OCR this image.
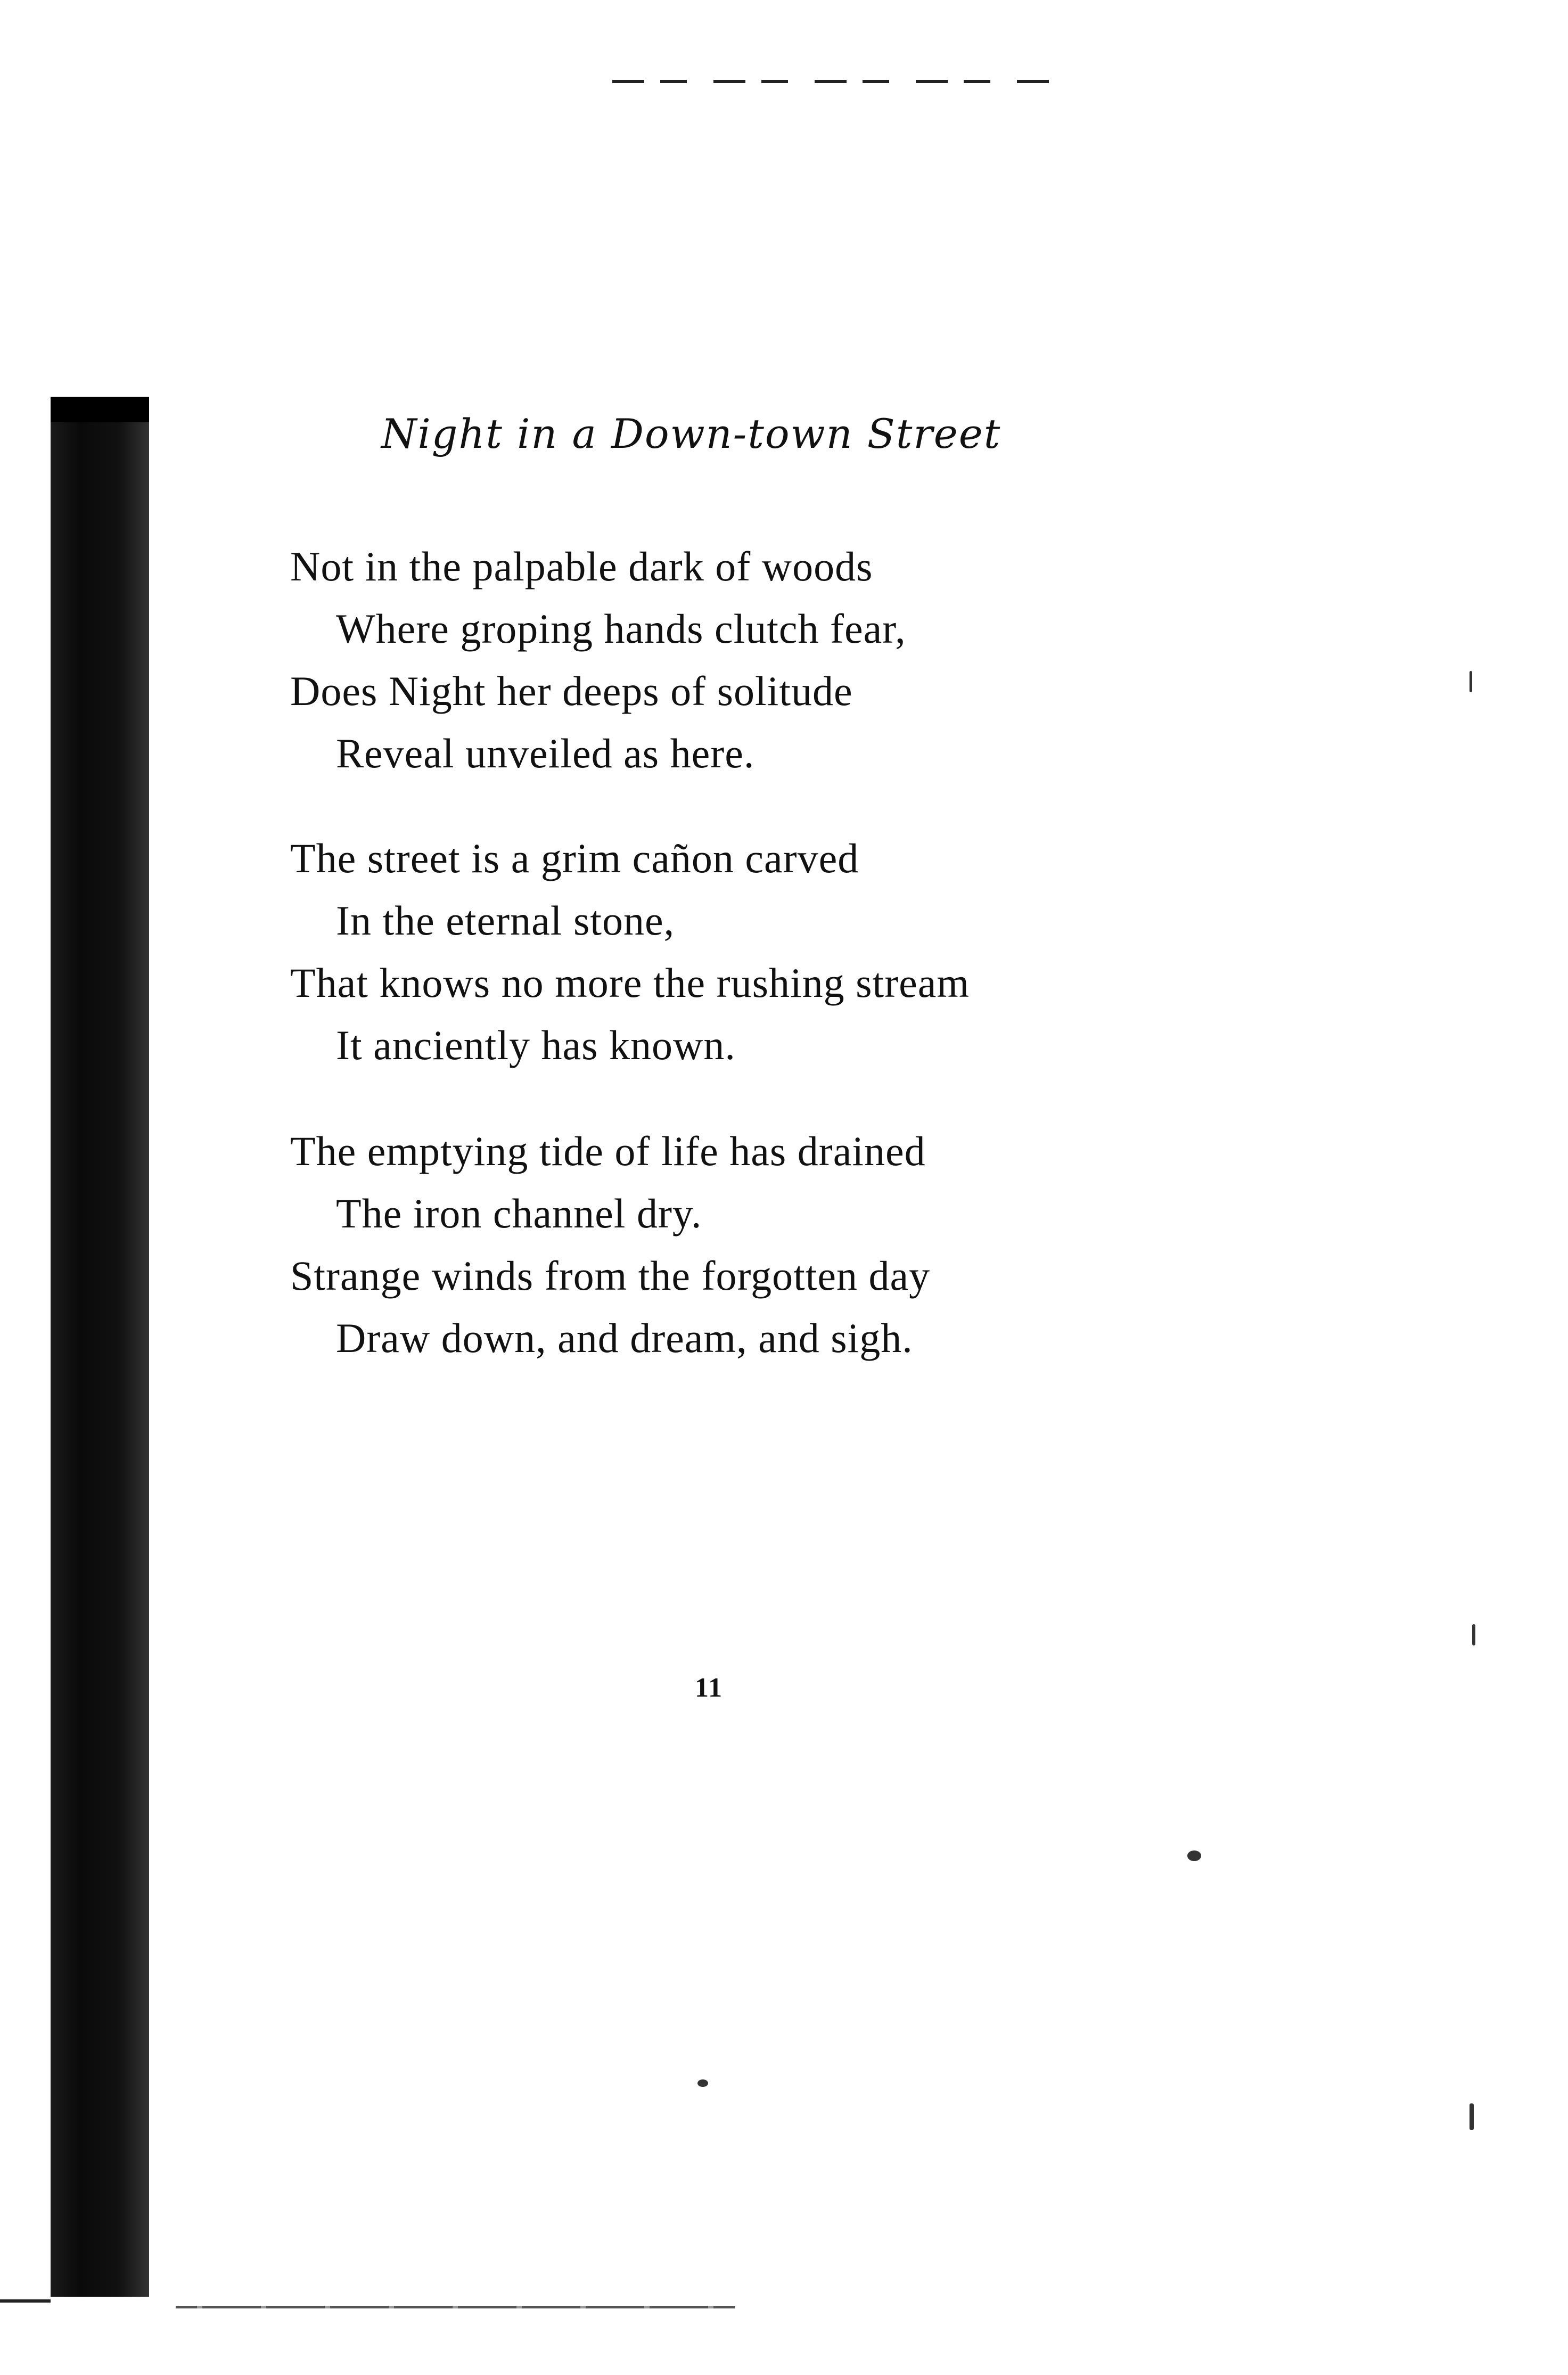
Night in a Down-town Street
Not in the palpable dark of woods
Where groping hands clutch fear,
Does Night her deeps of solitude
Reveal unveiled as here.
The street is a grim cañon carved
In the eternal stone,
That knows no more the rushing stream
It anciently has known.
The emptying tide of life has drained
The iron channel dry.
Strange winds from the forgotten day
Draw down, and dream, and sigh.
11
